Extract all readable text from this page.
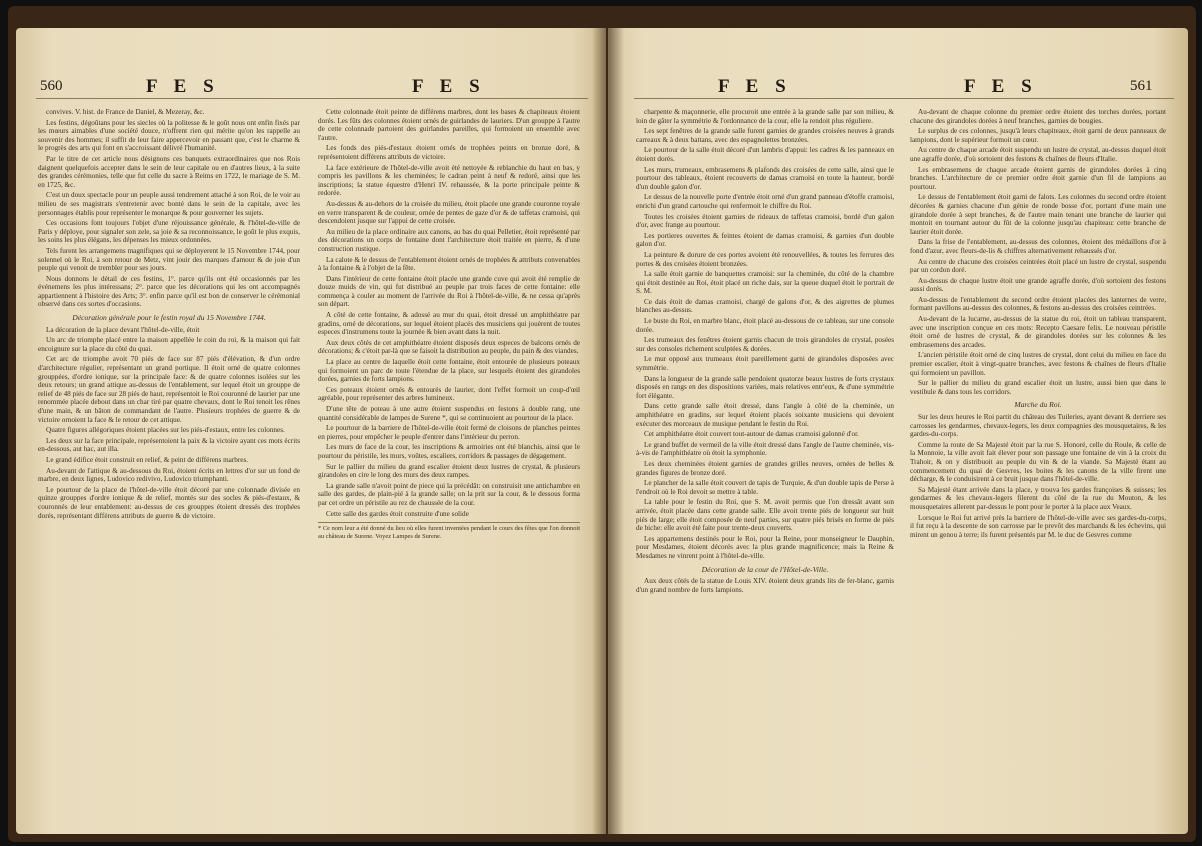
560	F E S	F E S

convives. V. hist. de France de Daniel, & Mezeray, &c.

Les festins, dégoûtans pour les siecles où la politesse & le goût nous ont enfin fixés par les mœurs aimables d'une société douce, n'offrent rien qui mérite qu'on les rappelle au souvenir des hommes; il suffit de leur faire appercevoir en passant que, c'est le charme & le progrès des arts qui font en s'accroissant délivré l'humanité.

Par le titre de cet article nous désignons ces banquets extraordinaires que nos Rois daignent quelquefois accepter dans le sein de leur capitale ou en d'autres lieux, à la suite des grandes cérémonies, telle que fut celle du sacre à Reims en 1722, le mariage de S. M. en 1725, &c.

C'est un doux spectacle pour un peuple aussi tendrement attaché à son Roi, de le voir au milieu de ses magistrats s'entretenir avec bonté dans le sein de la capitale, avec les personnages établis pour représenter le monarque & pour gouverner les sujets.

Ces occasions font toujours l'objet d'une réjouissance générale, & l'hôtel-de-ville de Paris y déploye, pour signaler son zele, sa joie & sa reconnoissance, le goût le plus exquis, les soins les plus élégans, les dépenses les mieux ordonnées.

Tels furent les arrangemens magnifiques qui se déployerent le 15 Novembre 1744, pour solennel où le Roi, à son retour de Metz, vint jouir des marques d'amour & de joie d'un peuple qui venoit de trembler pour ses jours.

Nous donnons le détail de ces festins, 1°. parce qu'ils ont été occasionnés par les événemens les plus intéressans; 2°. parce que les décorations qui les ont accompagnés appartiennent à l'histoire des Arts; 3°. enfin parce qu'il est bon de conserver le cérémonial observé dans ces sortes d'occasions.

Décoration générale pour le festin royal du 15 Novembre 1744.

La décoration de la place devant l'hôtel-de-ville, étoit

Un arc de triomphe placé entre la maison appellée le coin du roi, & la maison qui fait encoignure sur la place du côté du quai.

Cet arc de triomphe avoit 70 piés de face sur 87 piés d'élévation, & d'un ordre d'architecture régulier, représentant un grand portique. Il étoit orné de quatre colonnes grouppées, d'ordre ionique, sur la principale face: & de quatre colonnes isolées sur les deux retours; un grand attique au-dessus de l'entablement, sur lequel étoit un grouppe de relief de 48 piés de face sur 28 piés de haut, représentoit le Roi couronné de laurier par une renommée placée debout dans un char tiré par quatre chevaux, dont le Roi tenoit les rênes d'une main, & un bâton de commandant de l'autre. Plusieurs trophées de guerre & de victoire ornoient la face & le retour de cet attique.

Quatre figures allégoriques étoient placées sur les piés-d'estaux, entre les colonnes.

Les deux sur la face principale, représentoient la paix & la victoire ayant ces mots écrits en-dessous, aut hac, aut illa.

Le grand édifice étoit construit en relief, & peint de différens marbres.

Au-devant de l'attique & au-dessous du Roi, étoient écrits en lettres d'or sur un fond de marbre, en deux lignes, Ludovico redivivo, Ludovico triumphanti.

Le pourtour de la place de l'hôtel-de-ville étoit décoré par une colonnade divisée en quinze grouppes d'ordre ionique & de relief, montés sur des socles & piés-d'estaux, & couronnés de leur entablement: au-dessus de ces grouppes étoient dressés des trophées dorés, représentant différens attributs de guerre & de victoire.

Cette colonnade étoit peinte de différens marbres, dont les bases & chapiteaux étoient dorés. Les fûts des colonnes étoient ornés de guirlandes de lauriers. D'un grouppe à l'autre de cette colonnade partoient des guirlandes pareilles, qui formoient un ensemble avec l'autre.

Les fonds des piés-d'estaux étoient ornés de trophées peints en bronze doré, & représentoient différens attributs de victoire.

La face extérieure de l'hôtel-de-ville avoit été nettoyée & reblanchie du haut en bas, y compris les pavillons & les cheminées; le cadran peint à neuf & redoré, ainsi que les inscriptions; la statue équestre d'Henri IV. rehaussée, & la porte principale peinte & redorée.

Au-dessus & au-dehors de la croisée du milieu, étoit placée une grande couronne royale en verre transparent & de couleur, ornée de pentes de gaze d'or & de taffetas cramoisi, qui descendoient jusque sur l'appui de cette croisée.

Au milieu de la place ordinaire aux canons, au bas du quai Pelletier, étoit représenté par des décorations un corps de fontaine dont l'architecture étoit traitée en pierre, & d'une construction rustique.

La calote & le dessus de l'entablement étoient ornés de trophées & attributs convenables à la fontaine & à l'objet de la fête.

Dans l'intérieur de cette fontaine étoit placée une grande cuve qui avoit été remplie de douze muids de vin, qui fut distribué au peuple par trois faces de cette fontaine: elle commença à couler au moment de l'arrivée du Roi à l'hôtel-de-ville, & ne cessa qu'après son départ.

A côté de cette fontaine, & adossé au mur du quai, étoit dressé un amphithéatre par gradins, orné de décorations, sur lequel étoient placés des musiciens qui jouèrent de toutes especes d'instrumens toute la journée & bien avant dans la nuit.

Aux deux côtés de cet amphithéatre étoient disposés deux especes de balcons ornés de décorations; & c'étoit par-là que se faisoit la distribution au peuple, du pain & des viandes.

La place au centre de laquelle étoit cette fontaine, étoit entourée de plusieurs poteaux qui formoient un parc de toute l'étendue de la place, sur lesquels étoient des girandoles dorées, garnies de forts lampions.

Ces poteaux étoient ornés & entourés de laurier, dont l'effet formoit un coup-d'œil agréable, pour représenter des arbres lumineux.

D'une tête de poteau à une autre étoient suspendus en festons à double rang, une quantité considérable de lampes de Surene *, qui se continuoient au pourtour de la place.

Le pourtour de la barriere de l'hôtel-de-ville étoit fermé de cloisons de planches peintes en pierres, pour empêcher le peuple d'entrer dans l'intérieur du perron.

Les murs de face de la cour, les inscriptions & armoiries ont été blanchis, ainsi que le pourtour du péristile, les murs, voûtes, escaliers, corridors & passages de dégagement.

Sur le pallier du milieu du grand escalier étoient deux lustres de crystal, & plusieurs girandoles en cire le long des murs des deux rampes.

La grande salle n'avoit point de piece qui la précédât: on construisit une antichambre en salle des gardes, de plain-pié à la grande salle; on la prit sur la cour, & le dessous forma par cet ordre un péristile au rez de chaussée de la cour.

Cette salle des gardes étoit construite d'une solide

* Ce nom leur a été donné du lieu où elles furent inventées pendant le cours des fêtes que l'on donnoit au château de Surene. Voyez Lampes de Surene.
F E S	F E S	561

charpente & maçonnerie, elle procuroit une entrée à la grande salle par son milieu, & loin de gâter la symmétrie & l'ordonnance de la cour, elle la rendoit plus réguliere.

Les sept fenêtres de la grande salle furent garnies de grandes croisées neuves à grands carreaux & à deux battans, avec des espagnolettes bronzées.

Le pourtour de la salle étoit décoré d'un lambris d'appui: les cadres & les panneaux en étoient dorés.

Les murs, trumeaux, embrasemens & plafonds des croisées de cette salle, ainsi que le pourtour des tableaux, étoient recouverts de damas cramoisi en toute la hauteur, bordé d'un double galon d'or.

Le dessus de la nouvelle porte d'entrée étoit orné d'un grand panneau d'étoffe cramoisi, enrichi d'un grand cartouche qui renfermoit le chiffre du Roi.

Toutes les croisées étoient garnies de rideaux de taffetas cramoisi, bordé d'un galon d'or, avec frange au pourtour.

Les portieres ouvertes & feintes étoient de damas cramoisi, & garnies d'un double galon d'or.

La peinture & dorure de ces portes avoient été renouvellées, & toutes les ferrures des portes & des croisées étoient bronzées.

La salle étoit garnie de banquettes cramoisi: sur la cheminée, du côté de la chambre qui étoit destinée au Roi, étoit placé un riche dais, sur la queue duquel étoit le portrait de S. M.

Ce dais étoit de damas cramoisi, chargé de galons d'or, & des aigrettes de plumes blanches au-dessus.

Le buste du Roi, en marbre blanc, étoit placé au-dessous de ce tableau, sur une console dorée.

Les trumeaux des fenêtres étoient garnis chacun de trois girandoles de crystal, posées sur des consoles richement sculptées & dorées.

Le mur opposé aux trumeaux étoit pareillement garni de girandoles disposées avec symmétrie.

Dans la longueur de la grande salle pendoient quatorze beaux lustres de forts crystaux disposés en rangs en des dispositions variées, mais relatives entr'eux, & d'une symmétrie fort élégante.

Dans cette grande salle étoit dressé, dans l'angle à côté de la cheminée, un amphithéatre en gradins, sur lequel étoient placés soixante musiciens qui devoient exécuter des morceaux de musique pendant le festin du Roi.

Cet amphithéatre étoit couvert tout-autour de damas cramoisi galonné d'or.

Le grand buffet de vermeil de la ville étoit dressé dans l'angle de l'autre cheminée, vis-à-vis de l'amphithéatre où étoit la symphonie.

Les deux cheminées étoient garnies de grandes grilles neuves, ornées de belles & grandes figures de bronze doré.

Le plancher de la salle étoit couvert de tapis de Turquie, & d'un double tapis de Perse à l'endroit où le Roi devoit se mettre à table.

La table pour le festin du Roi, que S. M. avoit permis que l'on dressât avant son arrivée, étoit placée dans cette grande salle. Elle avoit trente piés de longueur sur huit piés de large; elle étoit composée de neuf parties, sur quatre piés brisés en forme de piés de biche: elle avoit été faite pour trente-deux couverts.

Les appartemens destinés pour le Roi, pour la Reine, pour monseigneur le Dauphin, pour Mesdames, étoient décorés avec la plus grande magnificence; mais la Reine & Mesdames ne vinrent point à l'hôtel-de-ville.

Décoration de la cour de l'Hôtel-de-Ville.

Aux deux côtés de la statue de Louis XIV. étoient deux grands lits de fer-blanc, garnis d'un grand nombre de forts lampions.

Au-devant de chaque colonne du premier ordre étoient des torches dorées, portant chacune des girandoles dorées à neuf branches, garnies de bougies.

Le surplus de ces colonnes, jusqu'à leurs chapiteaux, étoit garni de deux panneaux de lampions, dont le supérieur formoit un cœur.

Au centre de chaque arcade étoit suspendu un lustre de crystal, au-dessus duquel étoit une agraffe dorée, d'où sortoient des festons & chaînes de fleurs d'Italie.

Les embrasemens de chaque arcade étoient garnis de girandoles dorées à cinq branches. L'architecture de ce premier ordre étoit garnie d'un fil de lampions au pourtour.

Le dessus de l'entablement étoit garni de falots. Les colonnes du second ordre étoient décorées & garnies chacune d'un génie de ronde bosse d'or, portant d'une main une girandole dorée à sept branches, & de l'autre main tenant une branche de laurier qui montoit en tournant autour du fût de la colonne jusqu'au chapiteau: cette branche de laurier étoit dorée.

Dans la frise de l'entablement, au-dessus des colonnes, étoient des médaillons d'or à fond d'azur, avec fleurs-de-lis & chiffres alternativement rehaussés d'or.

Au centre de chacune des croisées ceintrées étoit placé un lustre de crystal, suspendu par un cordon doré.

Au-dessus de chaque lustre étoit une grande agraffe dorée, d'où sortoient des festons aussi dorés.

Au-dessus de l'entablement du second ordre étoient placées des lanternes de verre, formant pavillons au-dessus des colonnes, & festons au-dessus des croisées ceintrées.

Au-devant de la lucarne, au-dessus de la statue du roi, étoit un tableau transparent, avec une inscription conçue en ces mots: Recepto Caesare felix. Le nouveau péristile étoit orné de lustres de crystal, & de girandoles dorées sur les colonnes & les embrasemens des arcades.

L'ancien péristile étoit orné de cinq lustres de crystal, dont celui du milieu en face du premier escalier, étoit à vingt-quatre branches, avec festons & chaînes de fleurs d'Italie qui formoient un pavillon.

Sur le pallier du milieu du grand escalier étoit un lustre, aussi bien que dans le vestibule & dans tous les corridors.

Marche du Roi.

Sur les deux heures le Roi partit du château des Tuileries, ayant devant & derriere ses carrosses les gendarmes, chevaux-legers, les deux compagnies des mousquetaires, & les gardes-du-corps.

Comme la route de Sa Majesté étoit par la rue S. Honoré, celle du Roule, & celle de la Monnoie, la ville avoit fait élever pour son passage une fontaine de vin à la croix du Trahoir, & on y distribuoit au peuple du vin & de la viande. Sa Majesté étant au commencement du quai de Gesvres, les boites & les canons de la ville firent une décharge, & le conduisirent à ce bruit jusque dans l'hôtel-de-ville.

Sa Majesté étant arrivée dans la place, y trouva les gardes françoises & suisses; les gendarmes & les chevaux-legers filerent du côté de la rue du Mouton, & les mousquetaires allerent par-dessus le pont pour le porter à la place aux Veaux.

Lorsque le Roi fut arrivé près la barriere de l'hôtel-de-ville avec ses gardes-du-corps, il fut reçu à la descente de son carrosse par le prevôt des marchands & les échevins, qui mirent un genou à terre; ils furent présentés par M. le duc de Gesvres comme
